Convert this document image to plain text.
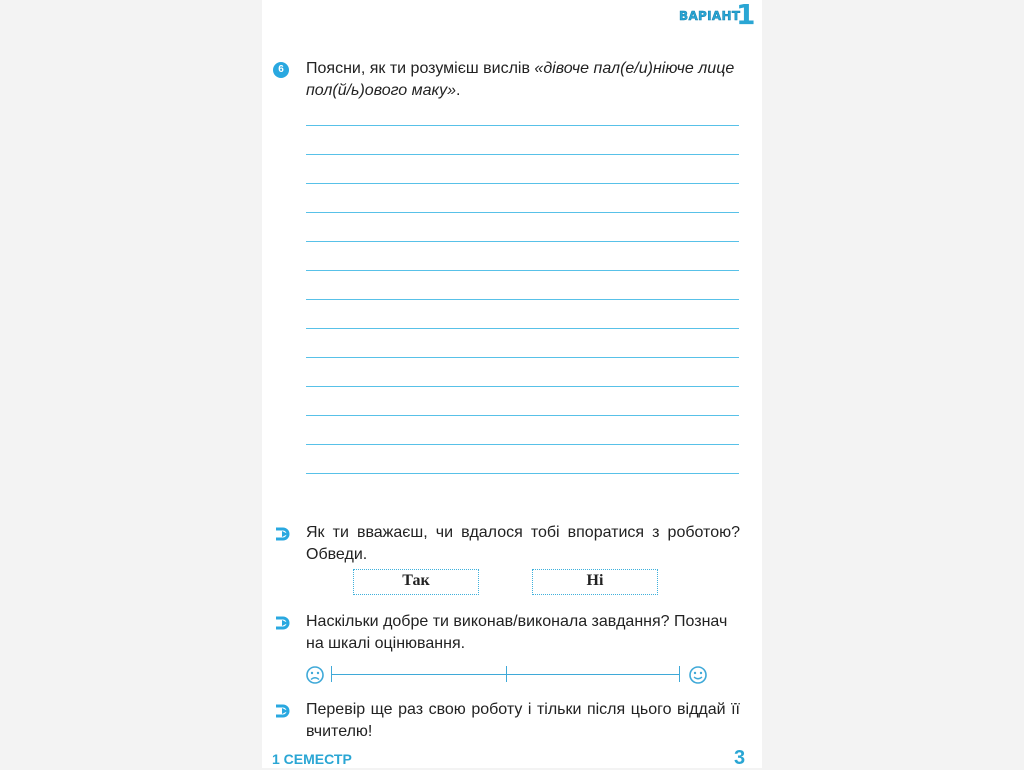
ВАРІАНТ
1
6	Поясни, як ти розумієш вислів «дівоче пал(е/и)ніюче лице пол(й/ь)ового маку».
Як ти вважаєш, чи вдалося тобі впоратися з роботою? Обведи.
Так	Ні
Наскільки добре ти виконав/виконала завдання? Познач на шкалі оцінювання.
Перевір ще раз свою роботу і тільки після цього віддай її вчителю!
1 СЕМЕСТР	3
